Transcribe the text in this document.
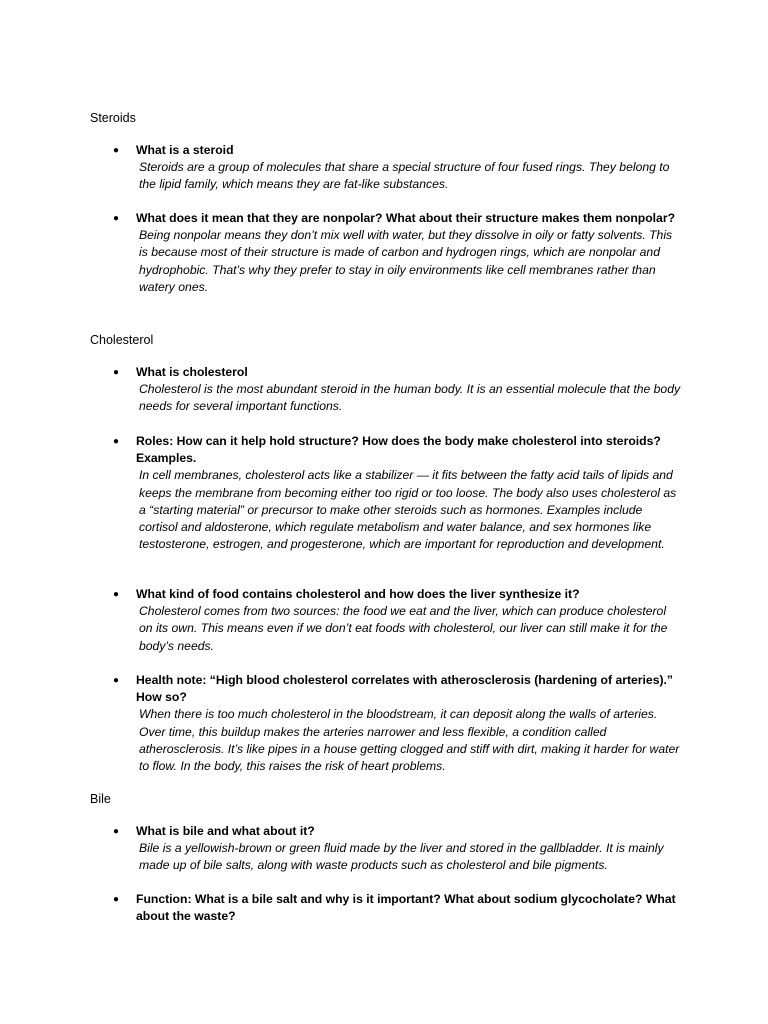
Steroids
● What is a steroid

Steroids are a group of molecules that share a special structure of four fused rings. They belong to the lipid family, which means they are fat-like substances.

● What does it mean that they are nonpolar? What about their structure makes them nonpolar?

Being nonpolar means they don’t mix well with water, but they dissolve in oily or fatty solvents. This is because most of their structure is made of carbon and hydrogen rings, which are nonpolar and hydrophobic. That’s why they prefer to stay in oily environments like cell membranes rather than watery ones.

Cholesterol
● What is cholesterol

Cholesterol is the most abundant steroid in the human body. It is an essential molecule that the body needs for several important functions.

● Roles: How can it help hold structure? How does the body make cholesterol into steroids? Examples.

In cell membranes, cholesterol acts like a stabilizer — it fits between the fatty acid tails of lipids and keeps the membrane from becoming either too rigid or too loose. The body also uses cholesterol as a “starting material” or precursor to make other steroids such as hormones. Examples include cortisol and aldosterone, which regulate metabolism and water balance, and sex hormones like testosterone, estrogen, and progesterone, which are important for reproduction and development.

● What kind of food contains cholesterol and how does the liver synthesize it?

Cholesterol comes from two sources: the food we eat and the liver, which can produce cholesterol on its own. This means even if we don’t eat foods with cholesterol, our liver can still make it for the body’s needs.

● Health note: “High blood cholesterol correlates with atherosclerosis (hardening of arteries).” How so?

When there is too much cholesterol in the bloodstream, it can deposit along the walls of arteries. Over time, this buildup makes the arteries narrower and less flexible, a condition called atherosclerosis. It’s like pipes in a house getting clogged and stiff with dirt, making it harder for water to flow. In the body, this raises the risk of heart problems.

Bile
● What is bile and what about it?

Bile is a yellowish-brown or green fluid made by the liver and stored in the gallbladder. It is mainly made up of bile salts, along with waste products such as cholesterol and bile pigments.

● Function: What is a bile salt and why is it important? What about sodium glycocholate? What about the waste?
